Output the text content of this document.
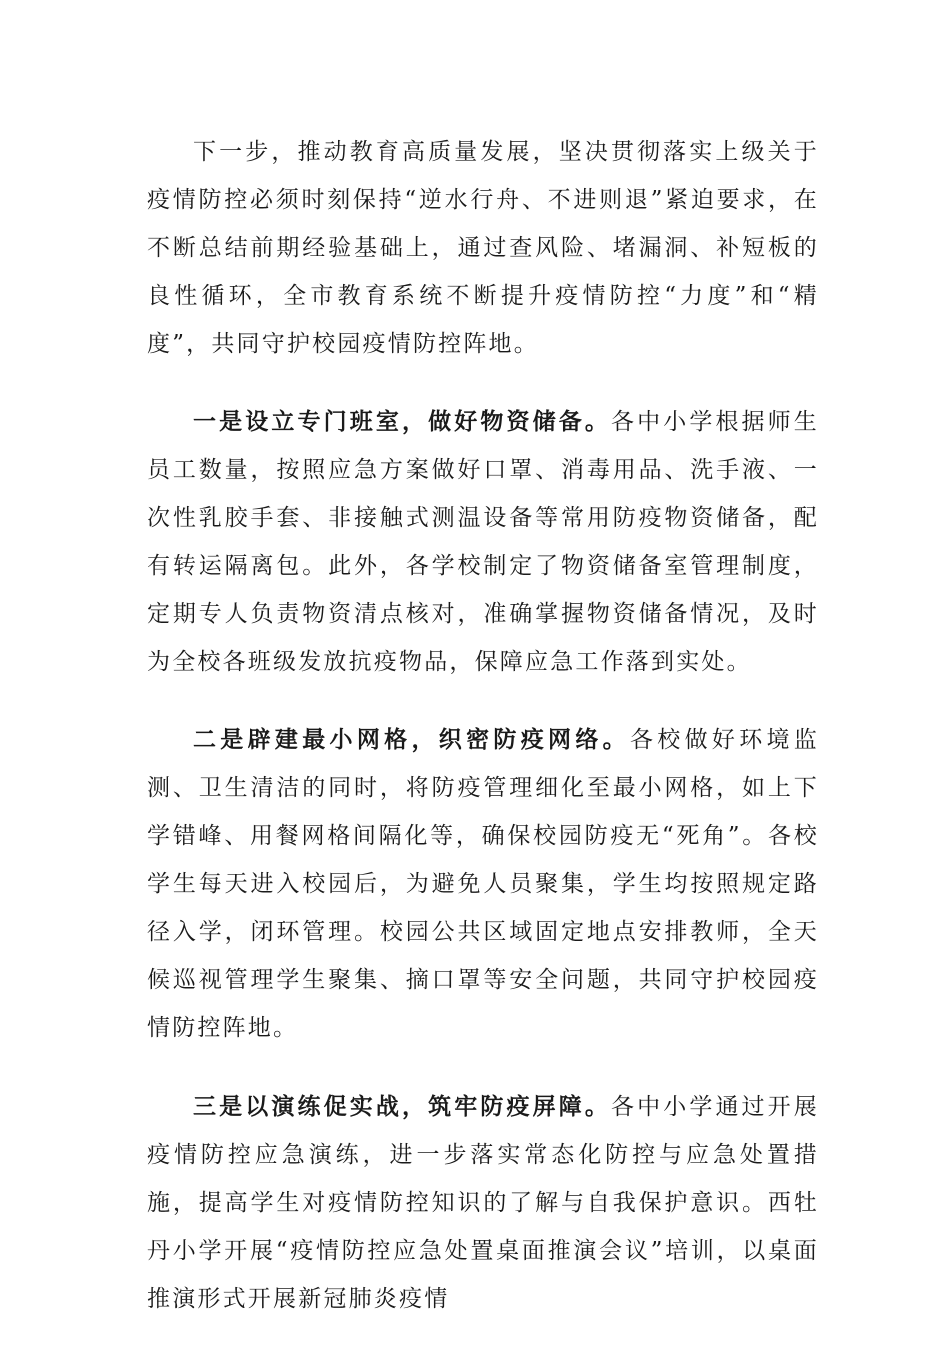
下一步，推动教育高质量发展，坚决贯彻落实上级关于疫情防控必须时刻保持“逆水行舟、不进则退”紧迫要求，在不断总结前期经验基础上，通过查风险、堵漏洞、补短板的良性循环，全市教育系统不断提升疫情防控“力度”和“精度”，共同守护校园疫情防控阵地。

一是设立专门班室，做好物资储备。各中小学根据师生员工数量，按照应急方案做好口罩、消毒用品、洗手液、一次性乳胶手套、非接触式测温设备等常用防疫物资储备，配有转运隔离包。此外，各学校制定了物资储备室管理制度，定期专人负责物资清点核对，准确掌握物资储备情况，及时为全校各班级发放抗疫物品，保障应急工作落到实处。

二是辟建最小网格，织密防疫网络。各校做好环境监测、卫生清洁的同时，将防疫管理细化至最小网格，如上下学错峰、用餐网格间隔化等，确保校园防疫无“死角”。各校学生每天进入校园后，为避免人员聚集，学生均按照规定路径入学，闭环管理。校园公共区域固定地点安排教师，全天候巡视管理学生聚集、摘口罩等安全问题，共同守护校园疫情防控阵地。

三是以演练促实战，筑牢防疫屏障。各中小学通过开展疫情防控应急演练，进一步落实常态化防控与应急处置措施，提高学生对疫情防控知识的了解与自我保护意识。西牡丹小学开展“疫情防控应急处置桌面推演会议”培训，以桌面推演形式开展新冠肺炎疫情
